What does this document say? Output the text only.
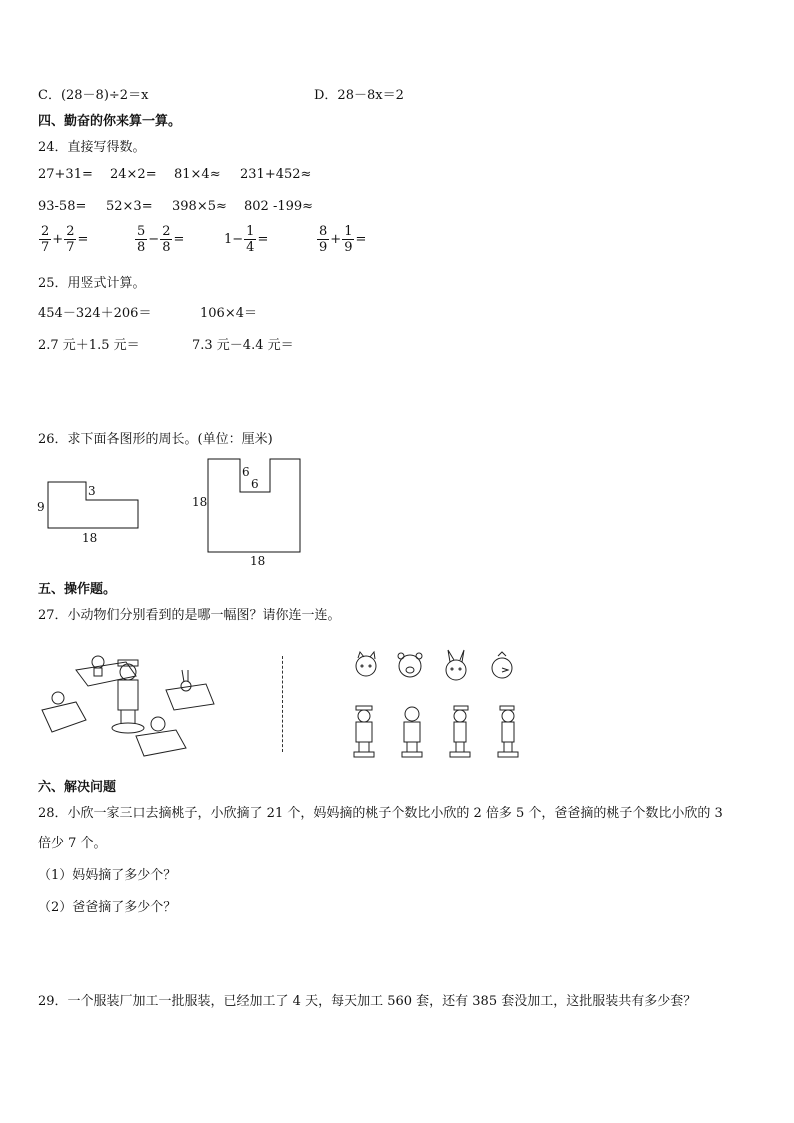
C．(28－8)÷2＝x	D．28－8x＝2
四、勤奋的你来算一算。
24．直接写得数。
27+31= 24×2= 81×4≈ 231+452≈
93-58= 52×3= 398×5≈ 802 -199≈
$\frac{2}{7} + \frac{2}{7}$ =	$\frac{5}{8} - \frac{2}{8}$ =	$1- \frac{1}{4}$ =	$\frac{8}{9} + \frac{1}{9}$ =
25．用竖式计算。
454－324＋206＝	106×4＝
2.7 元＋1.5 元＝	7.3 元－4.4 元＝
26．求下面各图形的周长。(单位：厘米)
9
3
18
18
6
6
18
五、操作题。
27．小动物们分别看到的是哪一幅图？请你连一连。
六、解决问题
28．小欣一家三口去摘桃子，小欣摘了 21 个，妈妈摘的桃子个数比小欣的 2 倍多 5 个，爸爸摘的桃子个数比小欣的 3
倍少 7 个。
（1）妈妈摘了多少个？
（2）爸爸摘了多少个？
29．一个服装厂加工一批服装，已经加工了 4 天，每天加工 560 套，还有 385 套没加工，这批服装共有多少套？
